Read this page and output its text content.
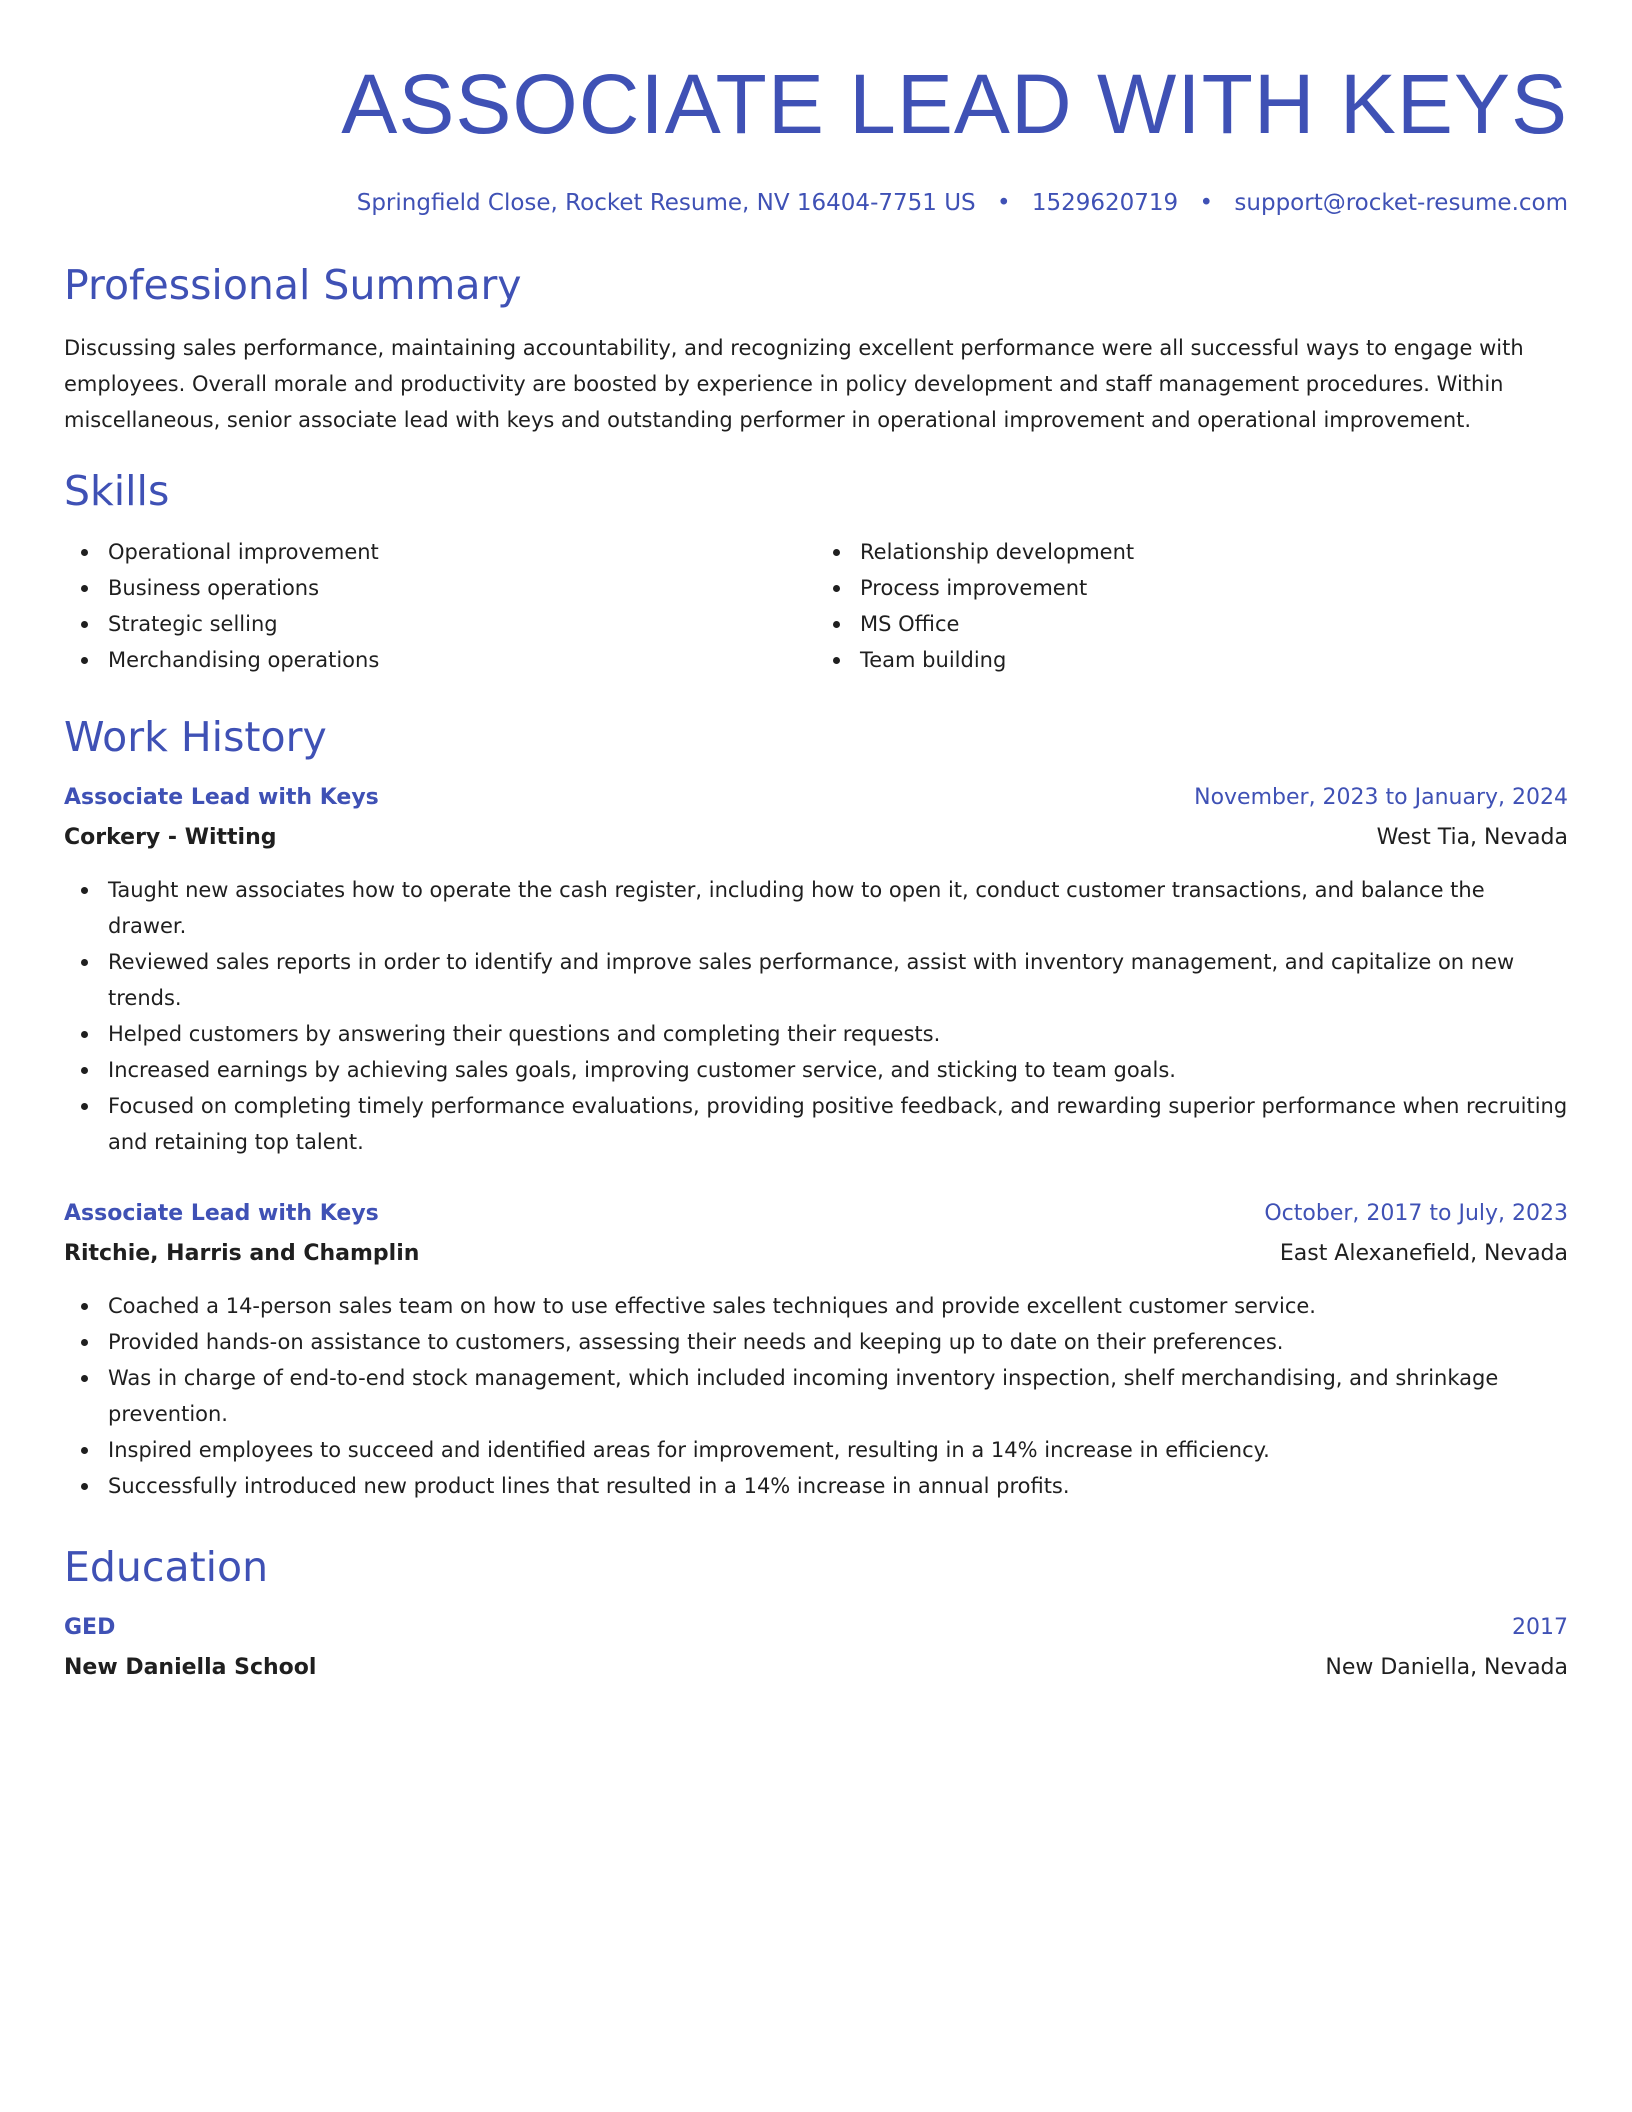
ASSOCIATE LEAD WITH KEYS
Springfield Close, Rocket Resume, NV 16404-7751 US • 1529620719 • support@rocket-resume.com
Professional Summary

Discussing sales performance, maintaining accountability, and recognizing excellent performance were all successful ways to engage with employees. Overall morale and productivity are boosted by experience in policy development and staff management procedures. Within miscellaneous, senior associate lead with keys and outstanding performer in operational improvement and operational improvement.

Skills
Operational improvement
Business operations
Strategic selling
Merchandising operations
Relationship development
Process improvement
MS Office
Team building
Work History
Associate Lead with Keys	November, 2023 to January, 2024
Corkery - Witting	West Tia, Nevada
Taught new associates how to operate the cash register, including how to open it, conduct customer transactions, and balance the drawer.
Reviewed sales reports in order to identify and improve sales performance, assist with inventory management, and capitalize on new trends.
Helped customers by answering their questions and completing their requests.
Increased earnings by achieving sales goals, improving customer service, and sticking to team goals.
Focused on completing timely performance evaluations, providing positive feedback, and rewarding superior performance when recruiting and retaining top talent.
Associate Lead with Keys	October, 2017 to July, 2023
Ritchie, Harris and Champlin	East Alexanefield, Nevada
Coached a 14-person sales team on how to use effective sales techniques and provide excellent customer service.
Provided hands-on assistance to customers, assessing their needs and keeping up to date on their preferences.
Was in charge of end-to-end stock management, which included incoming inventory inspection, shelf merchandising, and shrinkage prevention.
Inspired employees to succeed and identified areas for improvement, resulting in a 14% increase in efficiency.
Successfully introduced new product lines that resulted in a 14% increase in annual profits.
Education
GED	2017
New Daniella School	New Daniella, Nevada
